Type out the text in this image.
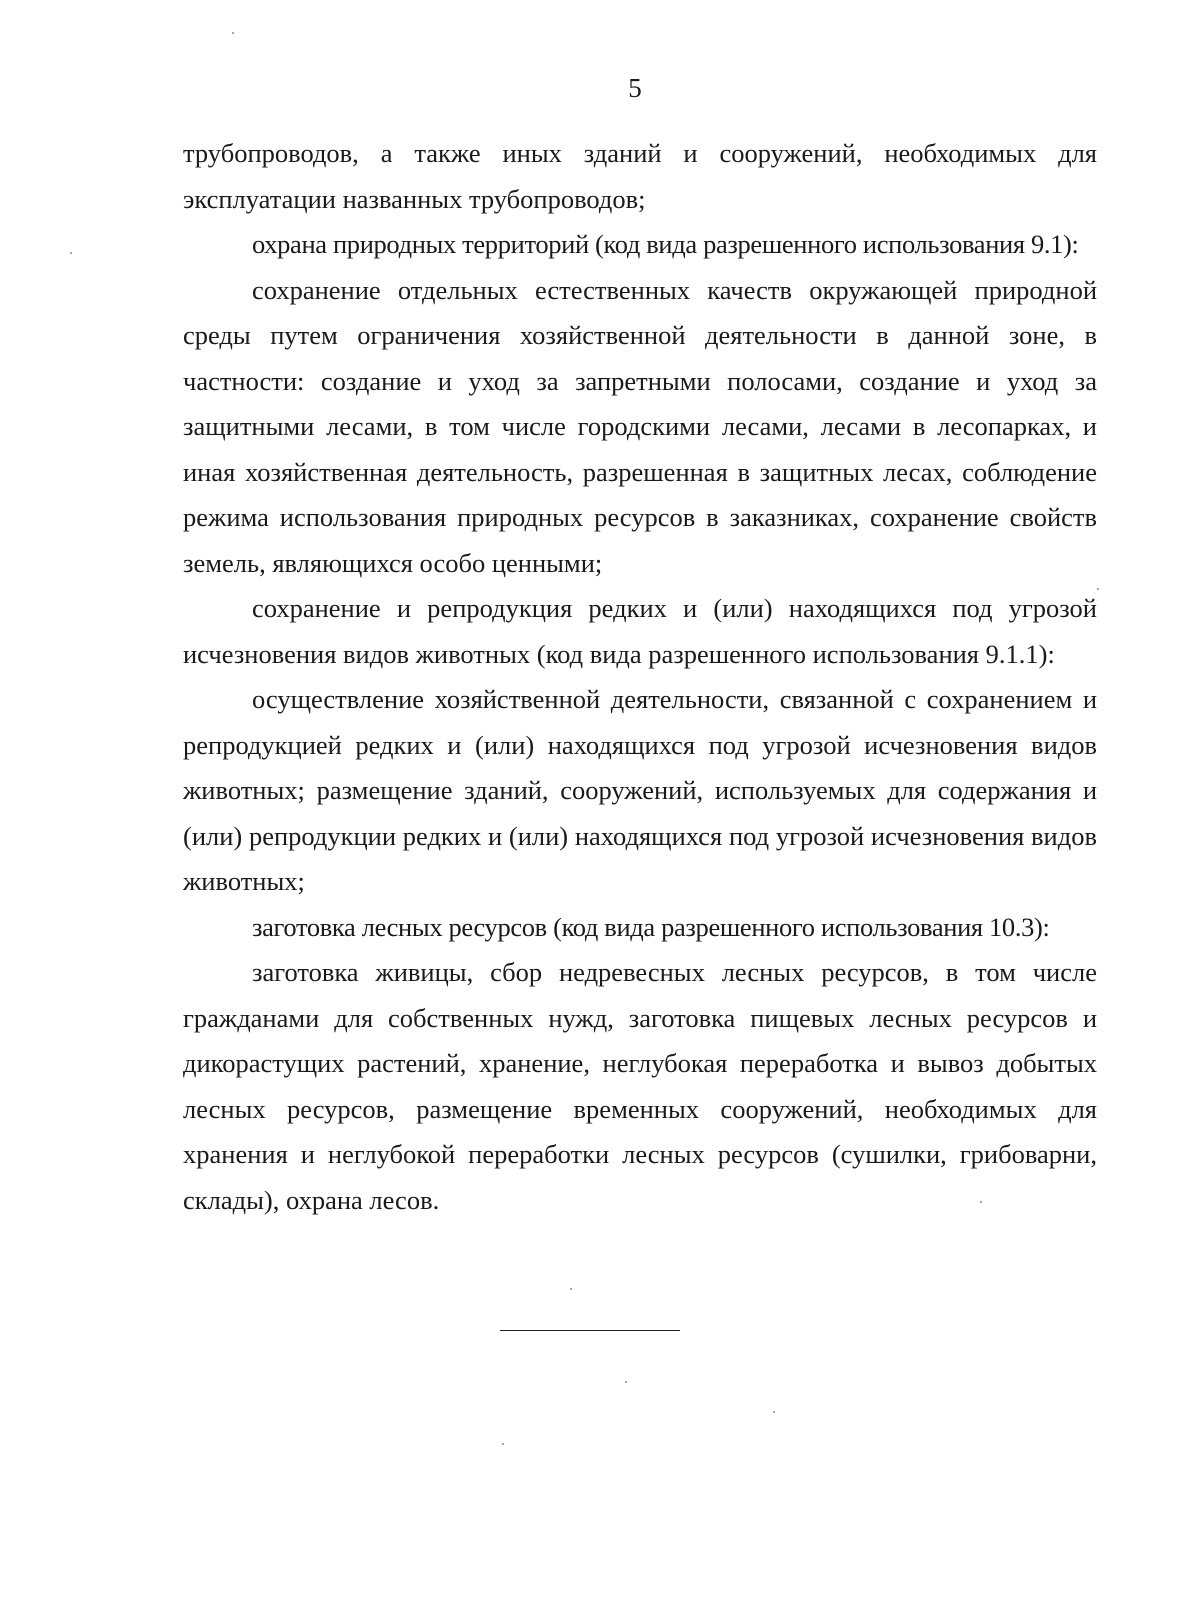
5

трубопроводов, а также иных зданий и сооружений, необходимых для эксплуатации названных трубопроводов;

охрана природных территорий (код вида разрешенного использования 9.1):

сохранение отдельных естественных качеств окружающей природной среды путем ограничения хозяйственной деятельности в данной зоне, в частности: создание и уход за запретными полосами, создание и уход за защитными лесами, в том числе городскими лесами, лесами в лесопарках, и иная хозяйственная деятельность, разрешенная в защитных лесах, соблюдение режима использования природных ресурсов в заказниках, сохранение свойств земель, являющихся особо ценными;

сохранение и репродукция редких и (или) находящихся под угрозой исчезновения видов животных (код вида разрешенного использования 9.1.1):

осуществление хозяйственной деятельности, связанной с сохранением и репродукцией редких и (или) находящихся под угрозой исчезновения видов животных; размещение зданий, сооружений, используемых для содержания и (или) репродукции редких и (или) находящихся под угрозой исчезновения видов животных;

заготовка лесных ресурсов (код вида разрешенного использования 10.3):

заготовка живицы, сбор недревесных лесных ресурсов, в том числе гражданами для собственных нужд, заготовка пищевых лесных ресурсов и дикорастущих растений, хранение, неглубокая переработка и вывоз добытых лесных ресурсов, размещение временных сооружений, необходимых для хранения и неглубокой переработки лесных ресурсов (сушилки, грибоварни, склады), охрана лесов.
